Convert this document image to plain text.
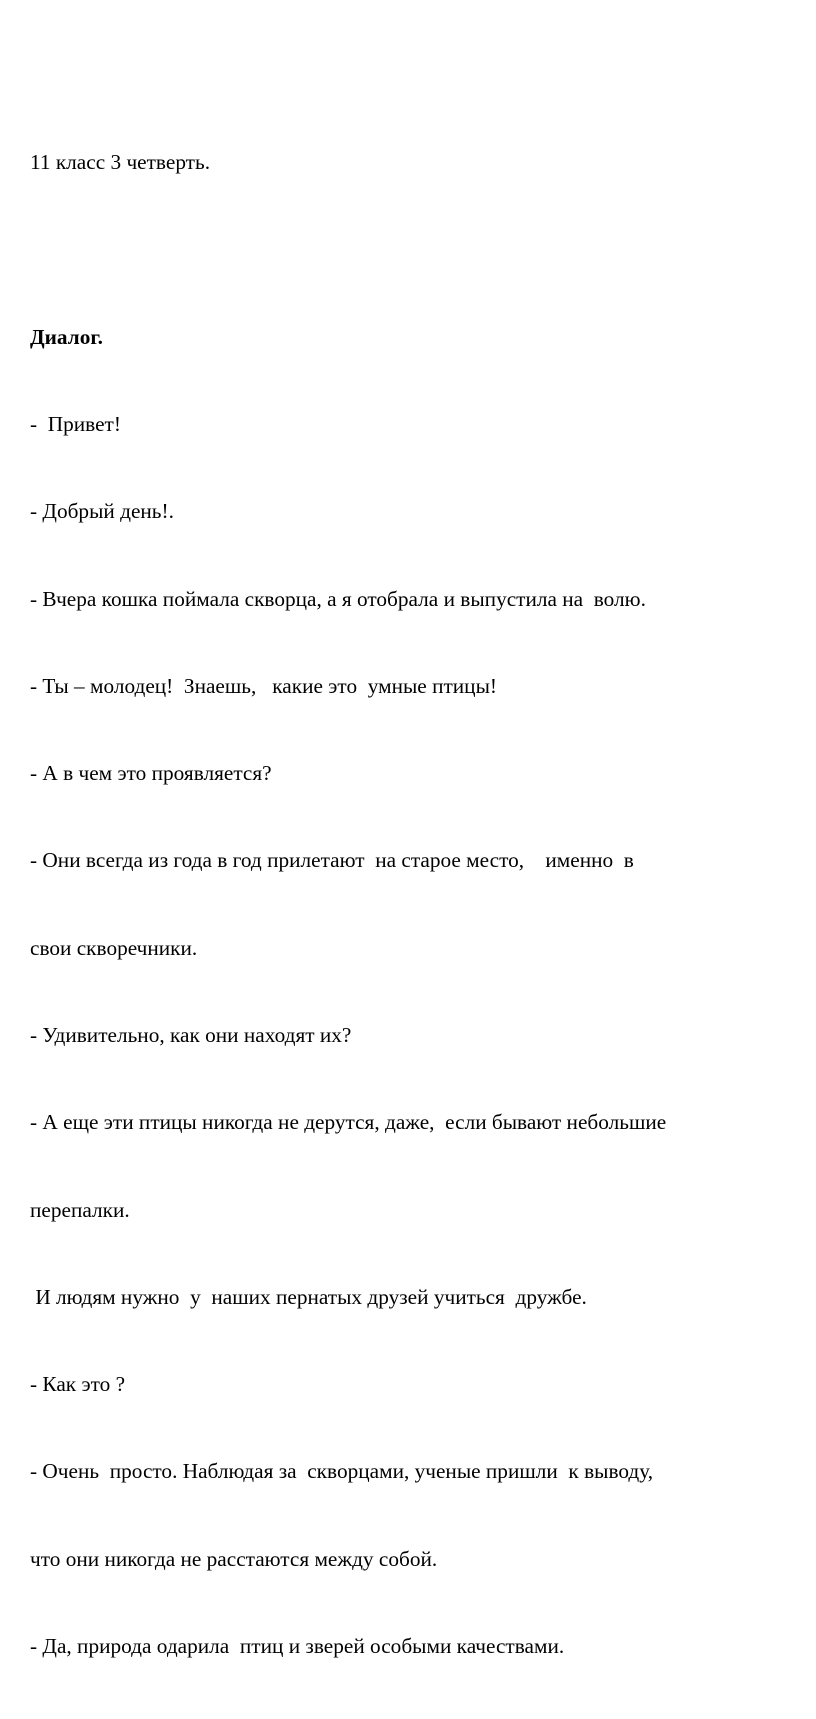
11 класс 3 четверть.

Диалог.

-  Привет!

- Добрый день!.

- Вчера кошка поймала скворца, а я отобрала и выпустила на  волю.

- Ты – молодец!  Знаешь,   какие это  умные птицы!

- А в чем это проявляется?

- Они всегда из года в год прилетают  на старое место,    именно  в

свои скворечники.

- Удивительно, как они находят их?

- А еще эти птицы никогда не дерутся, даже,  если бывают небольшие

перепалки.

И людям нужно  у  наших пернатых друзей учиться  дружбе.

- Как это ?

- Очень  просто. Наблюдая за  скворцами, ученые пришли  к выводу,

что они никогда не расстаются между собой.

- Да, природа одарила  птиц и зверей особыми качествами.
